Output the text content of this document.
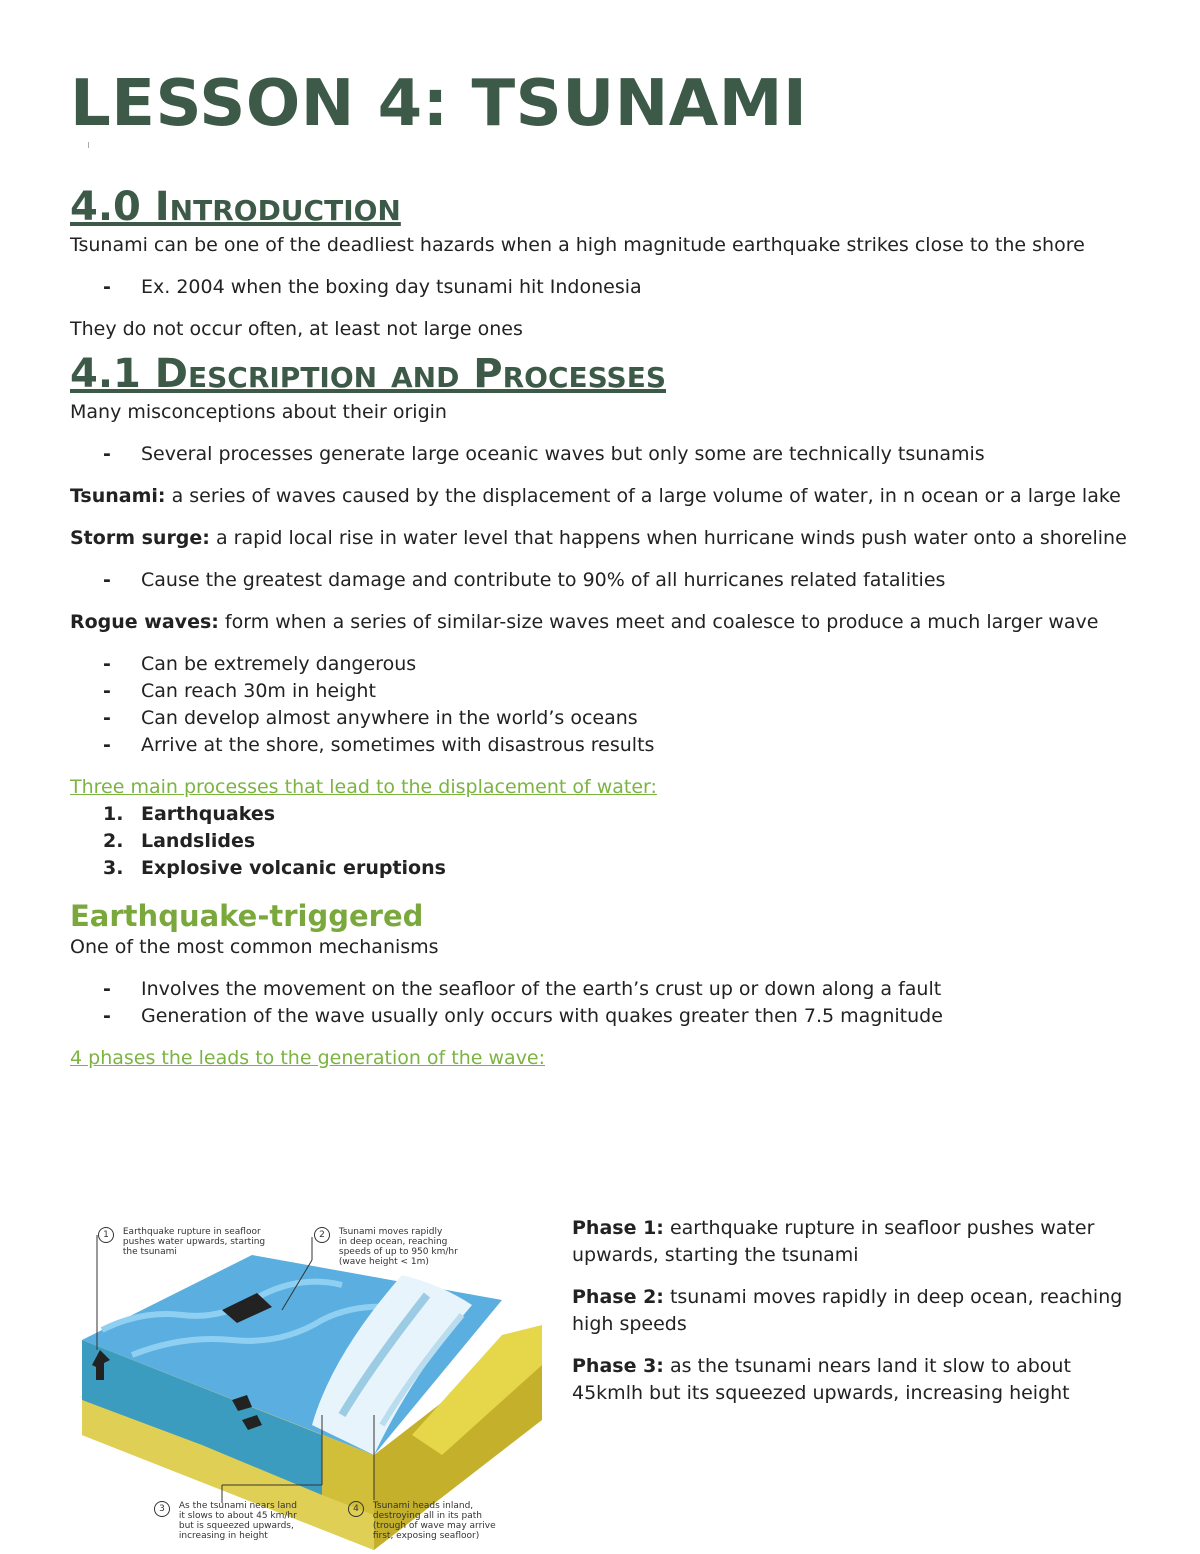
LESSON 4: TSUNAMI
4.0 Introduction

Tsunami can be one of the deadliest hazards when a high magnitude earthquake strikes close to the shore

- Ex. 2004 when the boxing day tsunami hit Indonesia

They do not occur often, at least not large ones

4.1 Description and Processes

Many misconceptions about their origin

- Several processes generate large oceanic waves but only some are technically tsunamis

Tsunami: a series of waves caused by the displacement of a large volume of water, in n ocean or a large lake

Storm surge: a rapid local rise in water level that happens when hurricane winds push water onto a shoreline

- Cause the greatest damage and contribute to 90% of all hurricanes related fatalities

Rogue waves: form when a series of similar-size waves meet and coalesce to produce a much larger wave

- Can be extremely dangerous
- Can reach 30m in height
- Can develop almost anywhere in the world’s oceans
- Arrive at the shore, sometimes with disastrous results
Three main processes that lead to the displacement of water:
1. Earthquakes
2. Landslides
3. Explosive volcanic eruptions
Earthquake-triggered

One of the most common mechanisms

- Involves the movement on the seafloor of the earth’s crust up or down along a fault
- Generation of the wave usually only occurs with quakes greater then 7.5 magnitude
4 phases the leads to the generation of the wave:
1 Earthquake rupture in seafloor
pushes water upwards, starting
the tsunami
2 Tsunami moves rapidly
in deep ocean, reaching
speeds of up to 950 km/hr
(wave height < 1m)
3 As the tsunami nears land
it slows to about 45 km/hr
but is squeezed upwards,
increasing in height
4 Tsunami heads inland,
destroying all in its path
(trough of wave may arrive
first, exposing seafloor)

Phase 1: earthquake rupture in seafloor pushes water upwards, starting the tsunami

Phase 2: tsunami moves rapidly in deep ocean, reaching high speeds

Phase 3: as the tsunami nears land it slow to about 45kmlh but its squeezed upwards, increasing height
